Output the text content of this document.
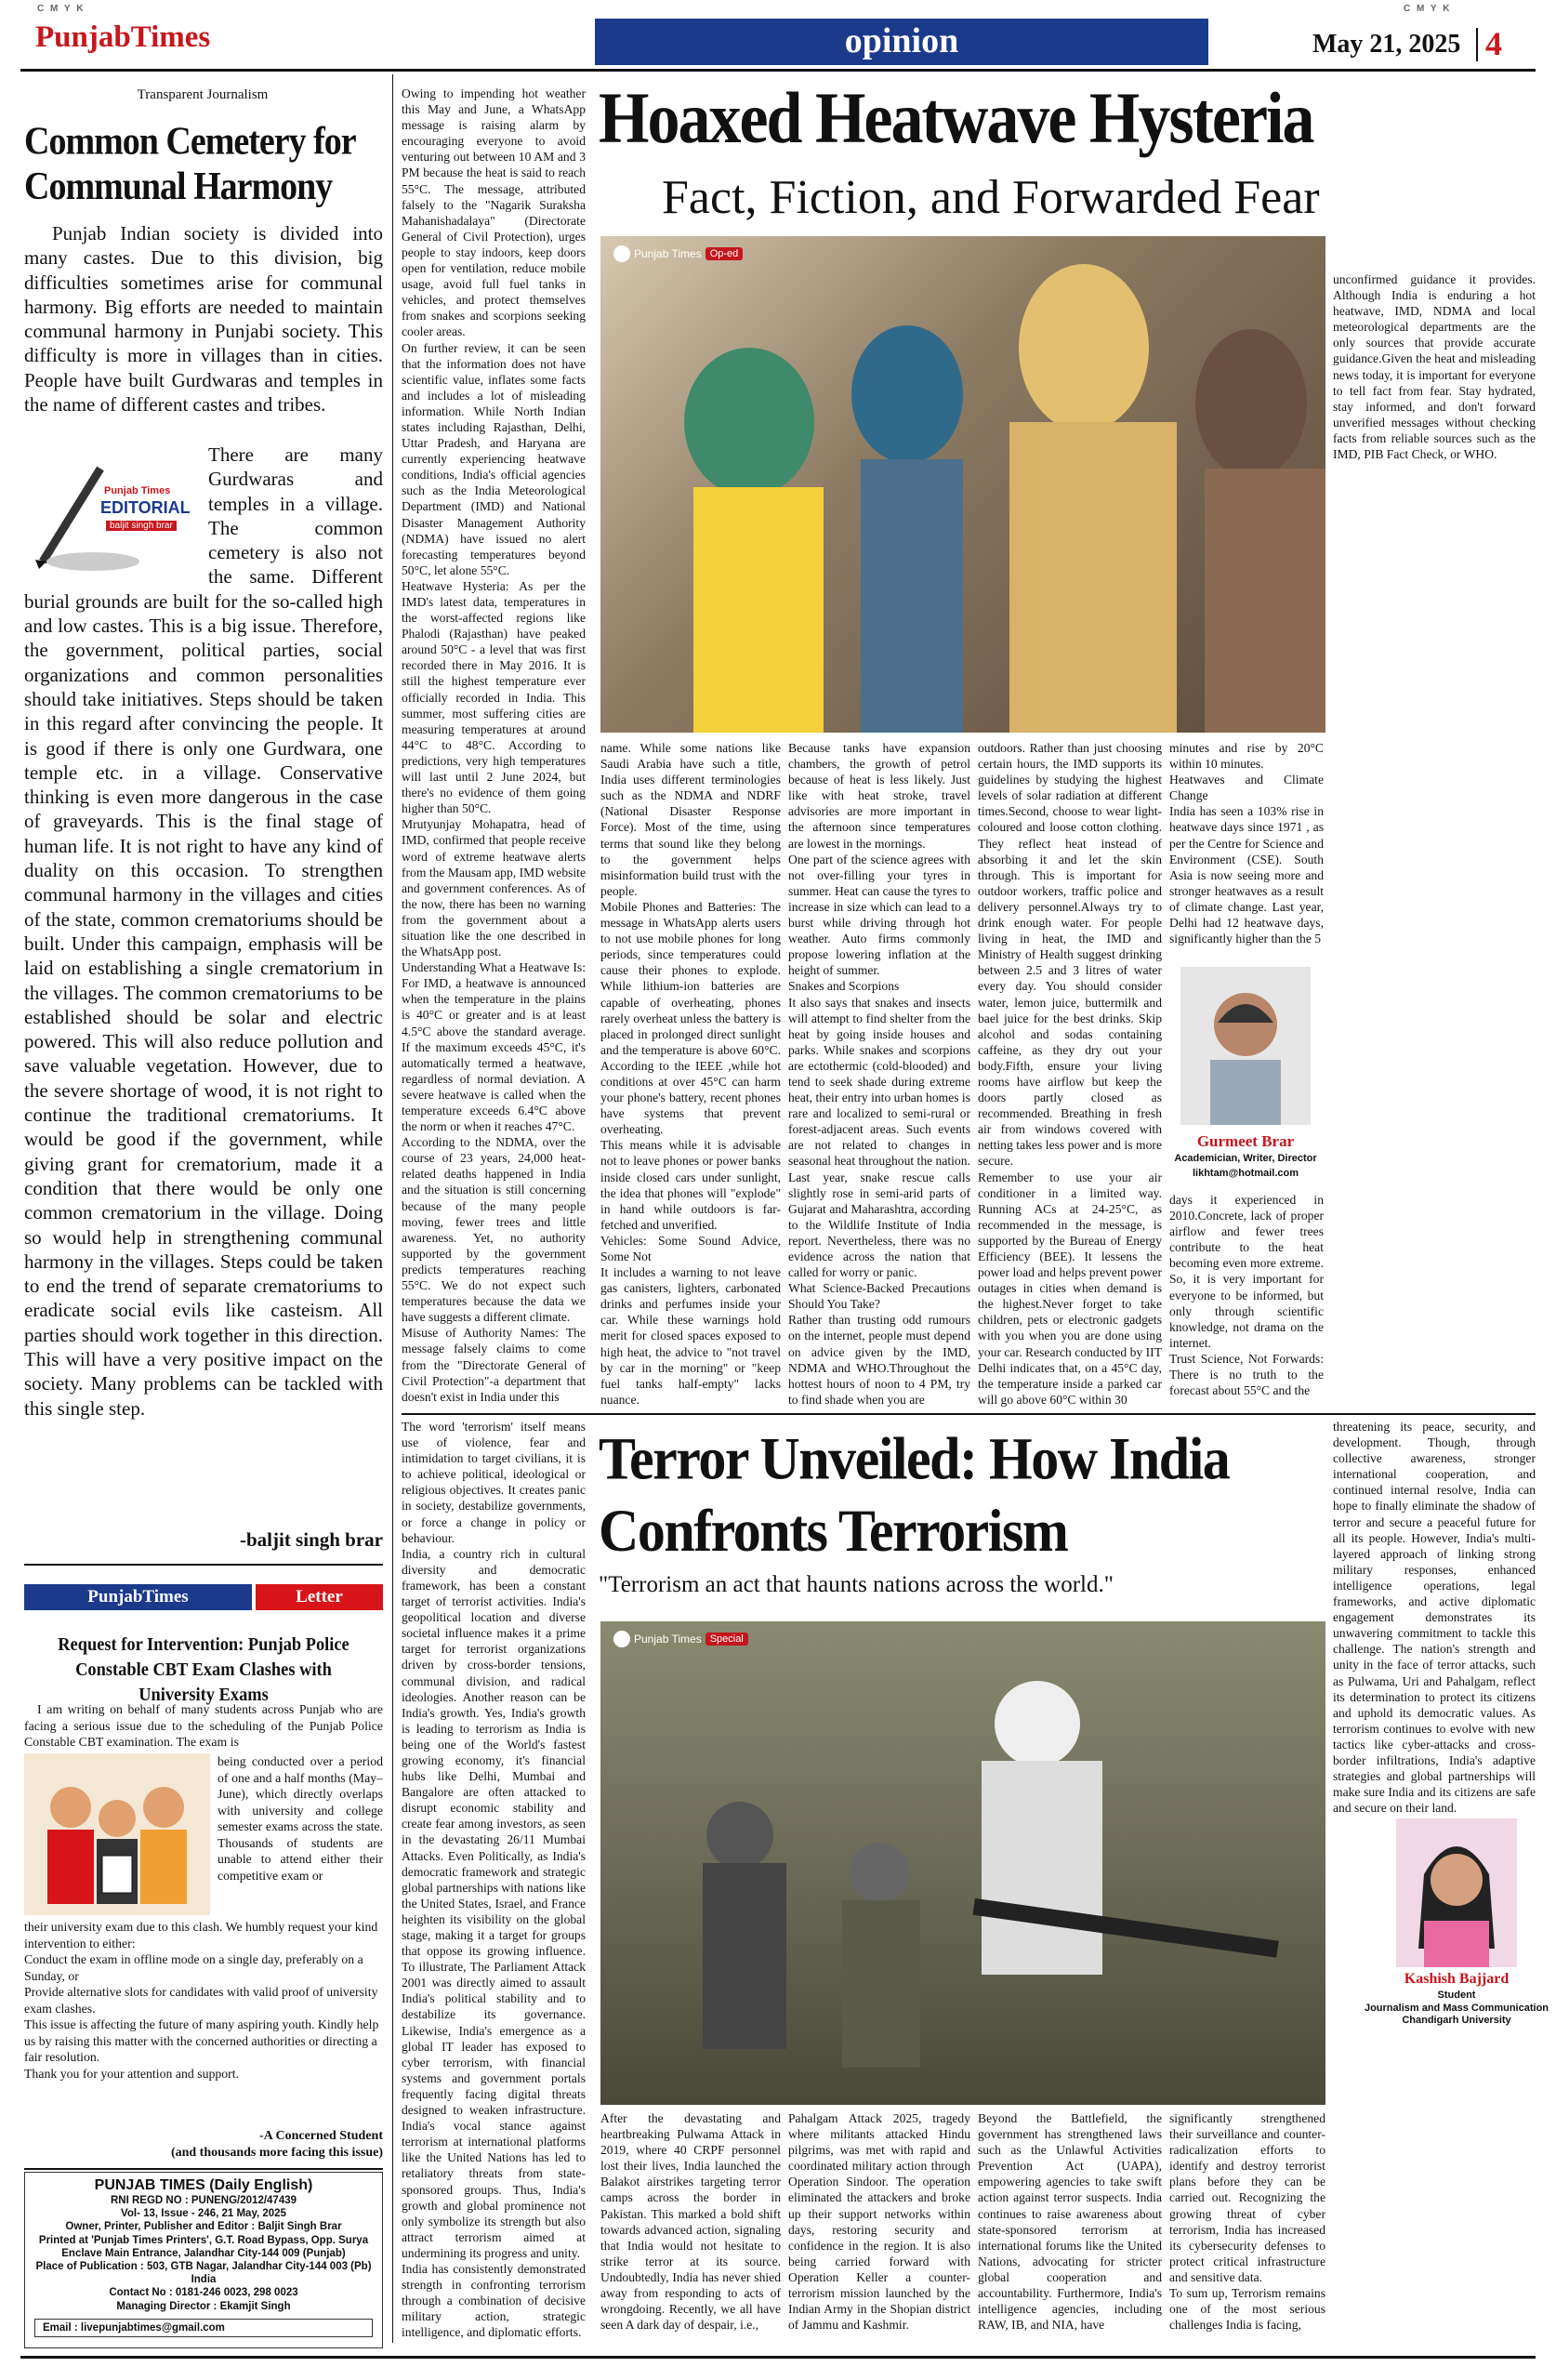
C M Y K	C M Y K
PunjabTimes	opinion	May 21, 2025 4
Transparent Journalism
Common Cemetery for Communal Harmony
Punjab Indian society is divided into many castes. Due to this division, big difficulties sometimes arise for communal harmony. Big efforts are needed to maintain communal harmony in Punjabi society. This difficulty is more in villages than in cities. People have built Gurdwaras and temples in the name of different castes and tribes.
Punjab Times
EDITORIAL
baljit singh brar
There are many Gurdwaras and temples in a village. The common cemetery is also not the same. Different burial grounds are built for the so-called high and low castes. This is a big issue. Therefore, the government, political parties, social organizations and common personalities should take initiatives. Steps should be taken in this regard after convincing the people. It is good if there is only one Gurdwara, one temple etc. in a village. Conservative thinking is even more dangerous in the case of graveyards. This is the final stage of human life. It is not right to have any kind of duality on this occasion. To strengthen communal harmony in the villages and cities of the state, common crematoriums should be built. Under this campaign, emphasis will be laid on establishing a single crematorium in the villages. The common crematoriums to be established should be solar and electric powered. This will also reduce pollution and save valuable vegetation. However, due to the severe shortage of wood, it is not right to continue the traditional crematoriums. It would be good if the government, while giving grant for crematorium, made it a condition that there would be only one common crematorium in the village. Doing so would help in strengthening communal harmony in the villages. Steps could be taken to end the trend of separate crematoriums to eradicate social evils like casteism. All parties should work together in this direction. This will have a very positive impact on the society. Many problems can be tackled with this single step.
-baljit singh brar
PunjabTimes	Letter
Request for Intervention: Punjab Police Constable CBT Exam Clashes with University Exams
I am writing on behalf of many students across Punjab who are facing a serious issue due to the scheduling of the Punjab Police Constable CBT examination. The exam is
being conducted over a period of one and a half months (May–June), which directly overlaps with university and college semester exams across the state. Thousands of students are unable to attend either their competitive exam or
their university exam due to this clash. We humbly request your kind intervention to either:
Conduct the exam in offline mode on a single day, preferably on a Sunday, or
Provide alternative slots for candidates with valid proof of university exam clashes.
This issue is affecting the future of many aspiring youth. Kindly help us by raising this matter with the concerned authorities or directing a fair resolution.
Thank you for your attention and support.
-A Concerned Student
(and thousands more facing this issue)
PUNJAB TIMES (Daily English)
RNI REGD NO : PUNENG/2012/47439
Vol- 13, Issue - 246, 21 May, 2025
Owner, Printer, Publisher and Editor : Baljit Singh Brar
Printed at 'Punjab Times Printers', G.T. Road Bypass, Opp. Surya Enclave Main Entrance, Jalandhar City-144 009 (Punjab)
Place of Publication : 503, GTB Nagar, Jalandhar City-144 003 (Pb) India
Contact No : 0181-246 0023, 298 0023
Managing Director : Ekamjit Singh
Email : livepunjabtimes@gmail.com
Hoaxed Heatwave Hysteria
Fact, Fiction, and Forwarded Fear
Punjab Times Op-ed
Owing to impending hot weather this May and June, a WhatsApp message is raising alarm by encouraging everyone to avoid venturing out between 10 AM and 3 PM because the heat is said to reach 55°C. The message, attributed falsely to the "Nagarik Suraksha Mahanishadalaya" (Directorate General of Civil Protection), urges people to stay indoors, keep doors open for ventilation, reduce mobile usage, avoid full fuel tanks in vehicles, and protect themselves from snakes and scorpions seeking cooler areas.
On further review, it can be seen that the information does not have scientific value, inflates some facts and includes a lot of misleading information. While North Indian states including Rajasthan, Delhi, Uttar Pradesh, and Haryana are currently experiencing heatwave conditions, India's official agencies such as the India Meteorological Department (IMD) and National Disaster Management Authority (NDMA) have issued no alert forecasting temperatures beyond 50°C, let alone 55°C.
Heatwave Hysteria: As per the IMD's latest data, temperatures in the worst-affected regions like Phalodi (Rajasthan) have peaked around 50°C - a level that was first recorded there in May 2016. It is still the highest temperature ever officially recorded in India. This summer, most suffering cities are measuring temperatures at around 44°C to 48°C. According to predictions, very high temperatures will last until 2 June 2024, but there's no evidence of them going higher than 50°C.
Mrutyunjay Mohapatra, head of IMD, confirmed that people receive word of extreme heatwave alerts from the Mausam app, IMD website and government conferences. As of the now, there has been no warning from the government about a situation like the one described in the WhatsApp post.
Understanding What a Heatwave Is: For IMD, a heatwave is announced when the temperature in the plains is 40°C or greater and is at least 4.5°C above the standard average. If the maximum exceeds 45°C, it's automatically termed a heatwave, regardless of normal deviation. A severe heatwave is called when the temperature exceeds 6.4°C above the norm or when it reaches 47°C.
According to the NDMA, over the course of 23 years, 24,000 heat-related deaths happened in India and the situation is still concerning because of the many people moving, fewer trees and little awareness. Yet, no authority supported by the government predicts temperatures reaching 55°C. We do not expect such temperatures because the data we have suggests a different climate.
Misuse of Authority Names: The message falsely claims to come from the "Directorate General of Civil Protection"-a department that doesn't exist in India under this
Gurmeet Brar
Academician, Writer, Director
likhtam@hotmail.com
Terror Unveiled: How India Confronts Terrorism
"Terrorism an act that haunts nations across the world."
Punjab Times Special
The word 'terrorism' itself means use of violence, fear and intimidation to target civilians, it is to achieve political, ideological or religious objectives. It creates panic in society, destabilize governments, or force a change in policy or behaviour.
India, a country rich in cultural diversity and democratic framework, has been a constant target of terrorist activities. India's geopolitical location and diverse societal influence makes it a prime target for terrorist organizations driven by cross-border tensions, communal division, and radical ideologies. Another reason can be India's growth. Yes, India's growth is leading to terrorism as India is being one of the World's fastest growing economy, it's financial hubs like Delhi, Mumbai and Bangalore are often attacked to disrupt economic stability and create fear among investors, as seen in the devastating 26/11 Mumbai Attacks. Even Politically, as India's democratic framework and strategic global partnerships with nations like the United States, Israel, and France heighten its visibility on the global stage, making it a target for groups that oppose its growing influence. To illustrate, The Parliament Attack 2001 was directly aimed to assault India's political stability and to destabilize its governance. Likewise, India's emergence as a global IT leader has exposed to cyber terrorism, with financial systems and government portals frequently facing digital threats designed to weaken infrastructure. India's vocal stance against terrorism at international platforms like the United Nations has led to retaliatory threats from state-sponsored groups. Thus, India's growth and global prominence not only symbolize its strength but also attract terrorism aimed at undermining its progress and unity.
India has consistently demonstrated strength in confronting terrorism through a combination of decisive military action, strategic intelligence, and diplomatic efforts.
Kashish Bajjard
Student
Journalism and Mass Communication Chandigarh University
name. While some nations like Saudi Arabia have such a title, India uses different terminologies such as the NDMA and NDRF (National Disaster Response Force). Most of the time, using terms that sound like they belong to the government helps misinformation build trust with the people.
Mobile Phones and Batteries: The message in WhatsApp alerts users to not use mobile phones for long periods, since temperatures could cause their phones to explode. While lithium-ion batteries are capable of overheating, phones rarely overheat unless the battery is placed in prolonged direct sunlight and the temperature is above 60°C. According to the IEEE ,while hot conditions at over 45°C can harm your phone's battery, recent phones have systems that prevent overheating.
This means while it is advisable not to leave phones or power banks inside closed cars under sunlight, the idea that phones will "explode" in hand while outdoors is far-fetched and unverified.
Vehicles: Some Sound Advice, Some Not
It includes a warning to not leave gas canisters, lighters, carbonated drinks and perfumes inside your car. While these warnings hold merit for closed spaces exposed to high heat, the advice to "not travel by car in the morning" or "keep fuel tanks half-empty" lacks nuance.

Because tanks have expansion chambers, the growth of petrol because of heat is less likely. Just like with heat stroke, travel advisories are more important in the afternoon since temperatures are lowest in the mornings.
One part of the science agrees with not over-filling your tyres in summer. Heat can cause the tyres to increase in size which can lead to a burst while driving through hot weather. Auto firms commonly propose lowering inflation at the height of summer.
Snakes and Scorpions
It also says that snakes and insects will attempt to find shelter from the heat by going inside houses and parks. While snakes and scorpions are ectothermic (cold-blooded) and tend to seek shade during extreme heat, their entry into urban homes is rare and localized to semi-rural or forest-adjacent areas. Such events are not related to changes in seasonal heat throughout the nation.
Last year, snake rescue calls slightly rose in semi-arid parts of Gujarat and Maharashtra, according to the Wildlife Institute of India report. Nevertheless, there was no evidence across the nation that called for worry or panic.
What Science-Backed Precautions Should You Take?
Rather than trusting odd rumours on the internet, people must depend on advice given by the IMD, NDMA and WHO.Throughout the hottest hours of noon to 4 PM, try to find shade when you are
outdoors. Rather than just choosing certain hours, the IMD supports its guidelines by studying the highest levels of solar radiation at different times.Second, choose to wear light-coloured and loose cotton clothing. They reflect heat instead of absorbing it and let the skin through. This is important for outdoor workers, traffic police and delivery personnel.Always try to drink enough water. For people living in heat, the IMD and Ministry of Health suggest drinking between 2.5 and 3 litres of water every day. You should consider water, lemon juice, buttermilk and bael juice for the best drinks. Skip alcohol and sodas containing caffeine, as they dry out your body.Fifth, ensure your living rooms have airflow but keep the doors partly closed as recommended. Breathing in fresh air from windows covered with netting takes less power and is more secure.
Remember to use your air conditioner in a limited way. Running ACs at 24-25°C, as recommended in the message, is supported by the Bureau of Energy Efficiency (BEE). It lessens the power load and helps prevent power outages in cities when demand is the highest.Never forget to take children, pets or electronic gadgets with you when you are done using your car. Research conducted by IIT Delhi indicates that, on a 45°C day, the temperature inside a parked car will go above 60°C within 30
minutes and rise by 20°C within 10 minutes.
Heatwaves and Climate Change
India has seen a 103% rise in heatwave days since 1971 , as per the Centre for Science and Environment (CSE). South Asia is now seeing more and stronger heatwaves as a result of climate change. Last year, Delhi had 12 heatwave days, significantly higher than the 5
days it experienced in 2010.Concrete, lack of proper airflow and fewer trees contribute to the heat becoming even more extreme. So, it is very important for everyone to be informed, but only through scientific knowledge, not drama on the internet.
Trust Science, Not Forwards: There is no truth to the forecast about 55°C and the
unconfirmed guidance it provides. Although India is enduring a hot heatwave, IMD, NDMA and local meteorological departments are the only sources that provide accurate guidance.Given the heat and misleading news today, it is important for everyone to tell fact from fear. Stay hydrated, stay informed, and don't forward unverified messages without checking facts from reliable sources such as the IMD, PIB Fact Check, or WHO.
After the devastating and heartbreaking Pulwama Attack in 2019, where 40 CRPF personnel lost their lives, India launched the Balakot airstrikes targeting terror camps across the border in Pakistan. This marked a bold shift towards advanced action, signaling that India would not hesitate to strike terror at its source. Undoubtedly, India has never shied away from responding to acts of wrongdoing. Recently, we all have seen A dark day of despair, i.e.,
Pahalgam Attack 2025, tragedy where militants attacked Hindu pilgrims, was met with rapid and coordinated military action through Operation Sindoor. The operation eliminated the attackers and broke up their support networks within days, restoring security and confidence in the region. It is also being carried forward with Operation Keller a counter-terrorism mission launched by the Indian Army in the Shopian district of Jammu and Kashmir.

Beyond the Battlefield, the government has strengthened laws such as the Unlawful Activities Prevention Act (UAPA), empowering agencies to take swift action against terror suspects. India continues to raise awareness about state-sponsored terrorism at international forums like the United Nations, advocating for stricter global cooperation and accountability. Furthermore, India's intelligence agencies, including RAW, IB, and NIA, have
significantly strengthened their surveillance and counter-radicalization efforts to identify and destroy terrorist plans before they can be carried out. Recognizing the growing threat of cyber terrorism, India has increased its cybersecurity defenses to protect critical infrastructure and sensitive data.
To sum up, Terrorism remains one of the most serious challenges India is facing,
threatening its peace, security, and development. Though, through collective awareness, stronger international cooperation, and continued internal resolve, India can hope to finally eliminate the shadow of terror and secure a peaceful future for all its people. However, India's multi-layered approach of linking strong military responses, enhanced intelligence operations, legal frameworks, and active diplomatic engagement demonstrates its unwavering commitment to tackle this challenge. The nation's strength and unity in the face of terror attacks, such as Pulwama, Uri and Pahalgam, reflect its determination to protect its citizens and uphold its democratic values. As terrorism continues to evolve with new tactics like cyber-attacks and cross-border infiltrations, India's adaptive strategies and global partnerships will make sure India and its citizens are safe and secure on their land.
